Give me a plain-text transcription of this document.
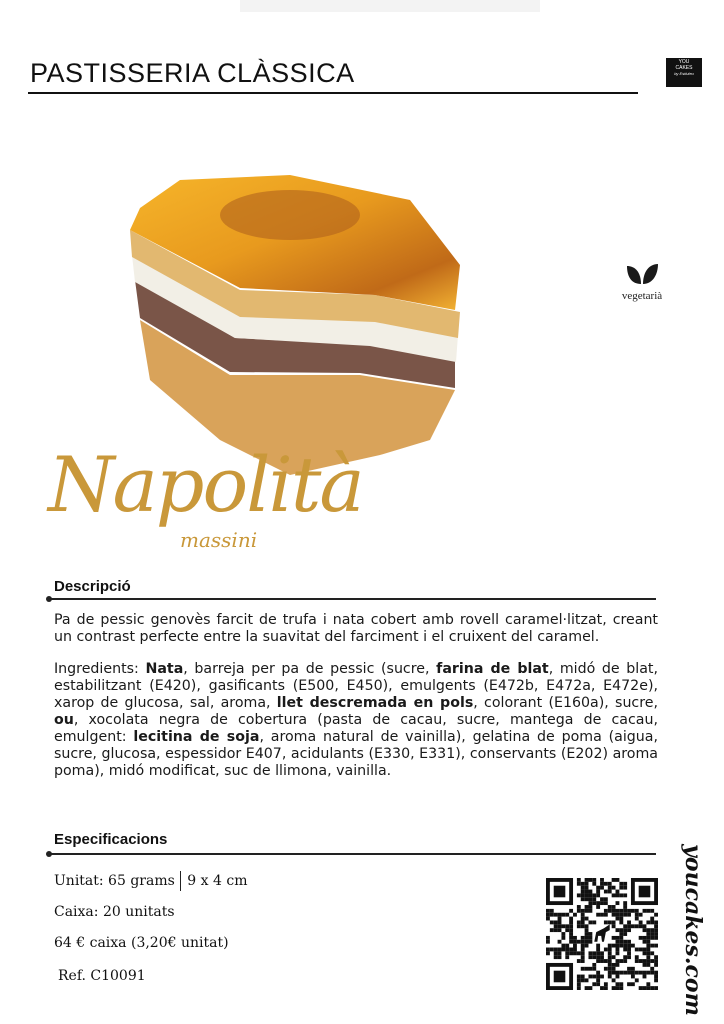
PASTISSERIA CLÀSSICA	YOU
CAKES
by Estiuleu
vegetarià
Napolità
massini
Descripció
Pa de pessic genovès farcit de trufa i nata cobert amb rovell caramel·litzat, creant un contrast perfecte entre la suavitat del farciment i el cruixent del caramel.
Ingredients: Nata, barreja per pa de pessic (sucre, farina de blat, midó de blat, estabilitzant (E420), gasificants (E500, E450), emulgents (E472b, E472a, E472e), xarop de glucosa, sal, aroma, llet descremada en pols, colorant (E160a), sucre, ou, xocolata negra de cobertura (pasta de cacau, sucre, mantega de cacau, emulgent: lecitina de soja, aroma natural de vainilla), gelatina de poma (aigua, sucre, glucosa, espessidor E407, acidulants (E330, E331), conservants (E202) aroma poma), midó modificat, suc de llimona, vainilla.
Especificacions
Unitat: 65 grams 9 x 4 cm
Caixa: 20 unitats
64 € caixa (3,20€ unitat)
Ref. C10091	youcakes.com
